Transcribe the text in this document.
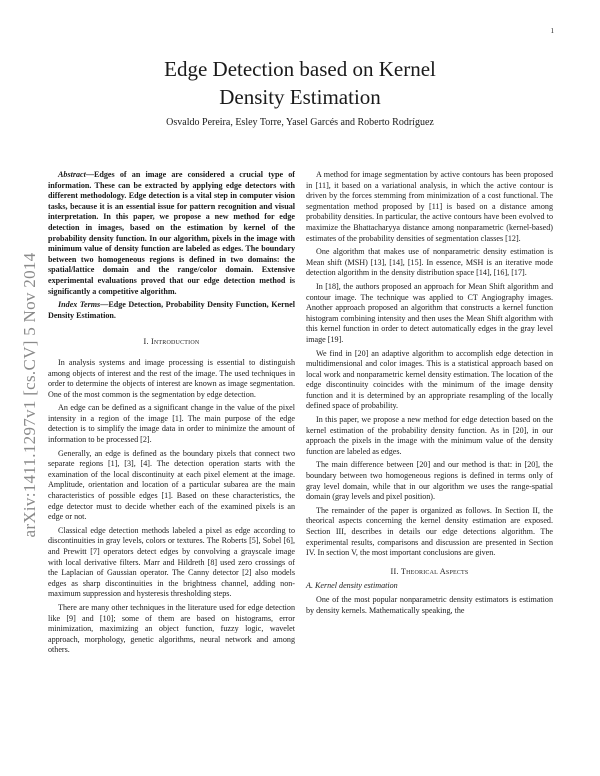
1
arXiv:1411.1297v1 [cs.CV] 5 Nov 2014
Edge Detection based on Kernel
Density Estimation
Osvaldo Pereira, Esley Torre, Yasel Garcés and Roberto Rodríguez

Abstract—Edges of an image are considered a crucial type of information. These can be extracted by applying edge detectors with different methodology. Edge detection is a vital step in computer vision tasks, because it is an essential issue for pattern recognition and visual interpretation. In this paper, we propose a new method for edge detection in images, based on the estimation by kernel of the probability density function. In our algorithm, pixels in the image with minimum value of density function are labeled as edges. The boundary between two homogeneous regions is defined in two domains: the spatial/lattice domain and the range/color domain. Extensive experimental evaluations proved that our edge detection method is significantly a competitive algorithm.

Index Terms—Edge Detection, Probability Density Function, Kernel Density Estimation.

I. Introduction

In analysis systems and image processing is essential to distinguish among objects of interest and the rest of the image. The used techniques in order to determine the objects of interest are known as image segmentation. One of the most common is the segmentation by edge detection.

An edge can be defined as a significant change in the value of the pixel intensity in a region of the image [1]. The main purpose of the edge detection is to simplify the image data in order to minimize the amount of information to be processed [2].

Generally, an edge is defined as the boundary pixels that connect two separate regions [1], [3], [4]. The detection operation starts with the examination of the local discontinuity at each pixel element at the image. Amplitude, orientation and location of a particular subarea are the main characteristics of possible edges [1]. Based on these characteristics, the edge detector must to decide whether each of the examined pixels is an edge or not.

Classical edge detection methods labeled a pixel as edge according to discontinuities in gray levels, colors or textures. The Roberts [5], Sobel [6], and Prewitt [7] operators detect edges by convolving a grayscale image with local derivative filters. Marr and Hildreth [8] used zero crossings of the Laplacian of Gaussian operator. The Canny detector [2] also models edges as sharp discontinuities in the brightness channel, adding non-maximum suppression and hysteresis thresholding steps.

There are many other techniques in the literature used for edge detection like [9] and [10]; some of them are based on histograms, error minimization, maximizing an object function, fuzzy logic, wavelet approach, morphology, genetic algorithms, neural network and among others.

A method for image segmentation by active contours has been proposed in [11], it based on a variational analysis, in which the active contour is driven by the forces stemming from minimization of a cost functional. The segmentation method proposed by [11] is based on a distance among probability densities. In particular, the active contours have been evolved to maximize the Bhattacharyya distance among nonparametric (kernel-based) estimates of the probability densities of segmentation classes [12].

One algorithm that makes use of nonparametric density estimation is Mean shift (MSH) [13], [14], [15]. In essence, MSH is an iterative mode detection algorithm in the density distribution space [14], [16], [17].

In [18], the authors proposed an approach for Mean Shift algorithm and contour image. The technique was applied to CT Angiography images. Another approach proposed an algorithm that constructs a kernel function histogram combining intensity and then uses the Mean Shift algorithm with this kernel function in order to detect automatically edges in the gray level image [19].

We find in [20] an adaptive algorithm to accomplish edge detection in multidimensional and color images. This is a statistical approach based on local work and nonparametric kernel density estimation. The location of the edge discontinuity coincides with the minimum of the image density function and it is determined by an appropriate resampling of the locally defined space of probability.

In this paper, we propose a new method for edge detection based on the kernel estimation of the probability density function. As in [20], in our approach the pixels in the image with the minimum value of the density function are labeled as edges.

The main difference between [20] and our method is that: in [20], the boundary between two homogeneous regions is defined in terms only of gray level domain, while that in our algorithm we uses the range-spatial domain (gray levels and pixel position).

The remainder of the paper is organized as follows. In Section II, the theorical aspects concerning the kernel density estimation are exposed. Section III, describes in details our edge detections algorithm. The experimental results, comparisons and discussion are presented in Section IV. In section V, the most important conclusions are given.

II. Theorical Aspects
A. Kernel density estimation

One of the most popular nonparametric density estimators is estimation by density kernels. Mathematically speaking, the
